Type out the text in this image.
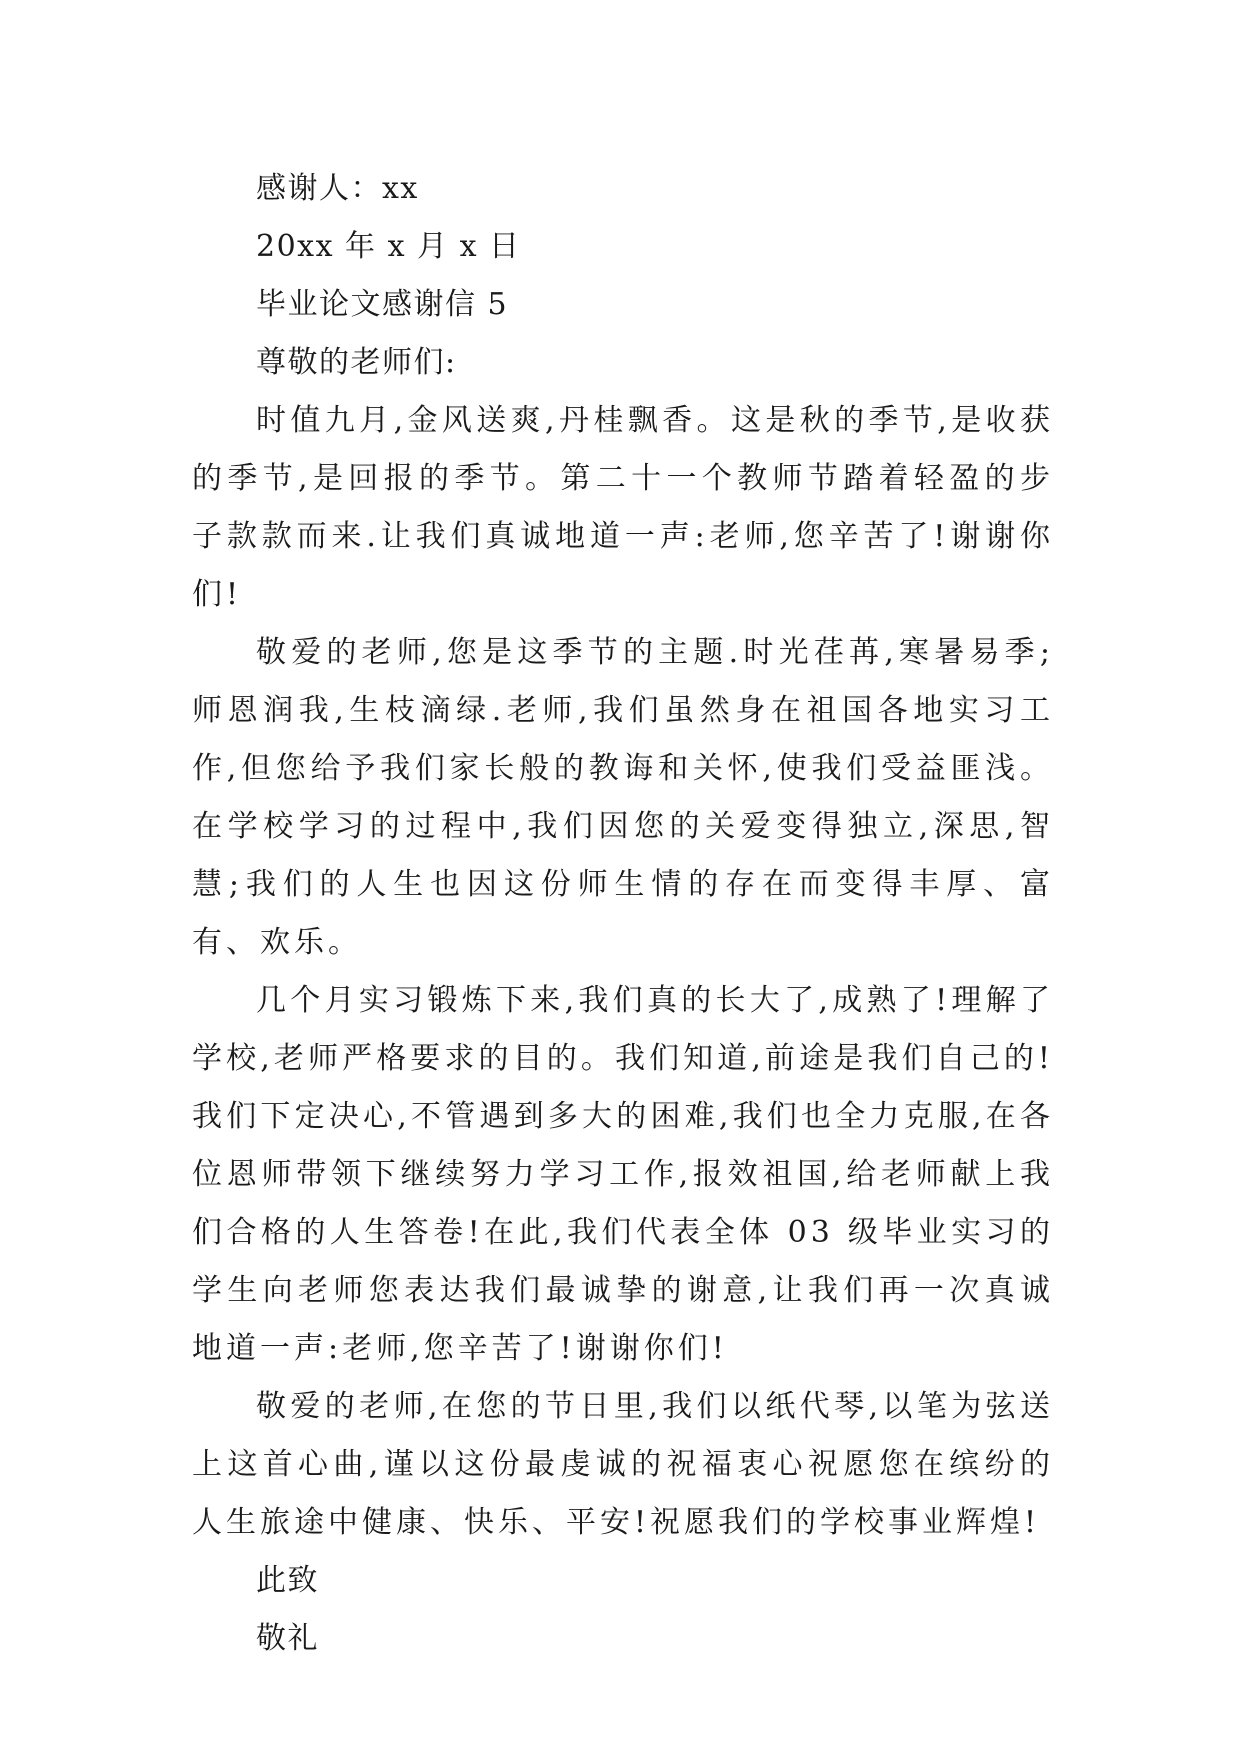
感谢人：xx

20xx 年 x 月 x 日

毕业论文感谢信 5

尊敬的老师们:

时值九月,金风送爽,丹桂飘香。这是秋的季节,是收获的季节,是回报的季节。第二十一个教师节踏着轻盈的步子款款而来.让我们真诚地道一声:老师,您辛苦了!谢谢你们!

敬爱的老师,您是这季节的主题.时光荏苒,寒暑易季;师恩润我,生枝滴绿.老师,我们虽然身在祖国各地实习工作,但您给予我们家长般的教诲和关怀,使我们受益匪浅。在学校学习的过程中,我们因您的关爱变得独立,深思,智慧;我们的人生也因这份师生情的存在而变得丰厚、富有、欢乐。

几个月实习锻炼下来,我们真的长大了,成熟了!理解了学校,老师严格要求的目的。我们知道,前途是我们自己的!我们下定决心,不管遇到多大的困难,我们也全力克服,在各位恩师带领下继续努力学习工作,报效祖国,给老师献上我们合格的人生答卷!在此,我们代表全体 03 级毕业实习的学生向老师您表达我们最诚挚的谢意,让我们再一次真诚地道一声:老师,您辛苦了!谢谢你们!

敬爱的老师,在您的节日里,我们以纸代琴,以笔为弦送上这首心曲,谨以这份最虔诚的祝福衷心祝愿您在缤纷的人生旅途中健康、快乐、平安!祝愿我们的学校事业辉煌!

此致

敬礼
